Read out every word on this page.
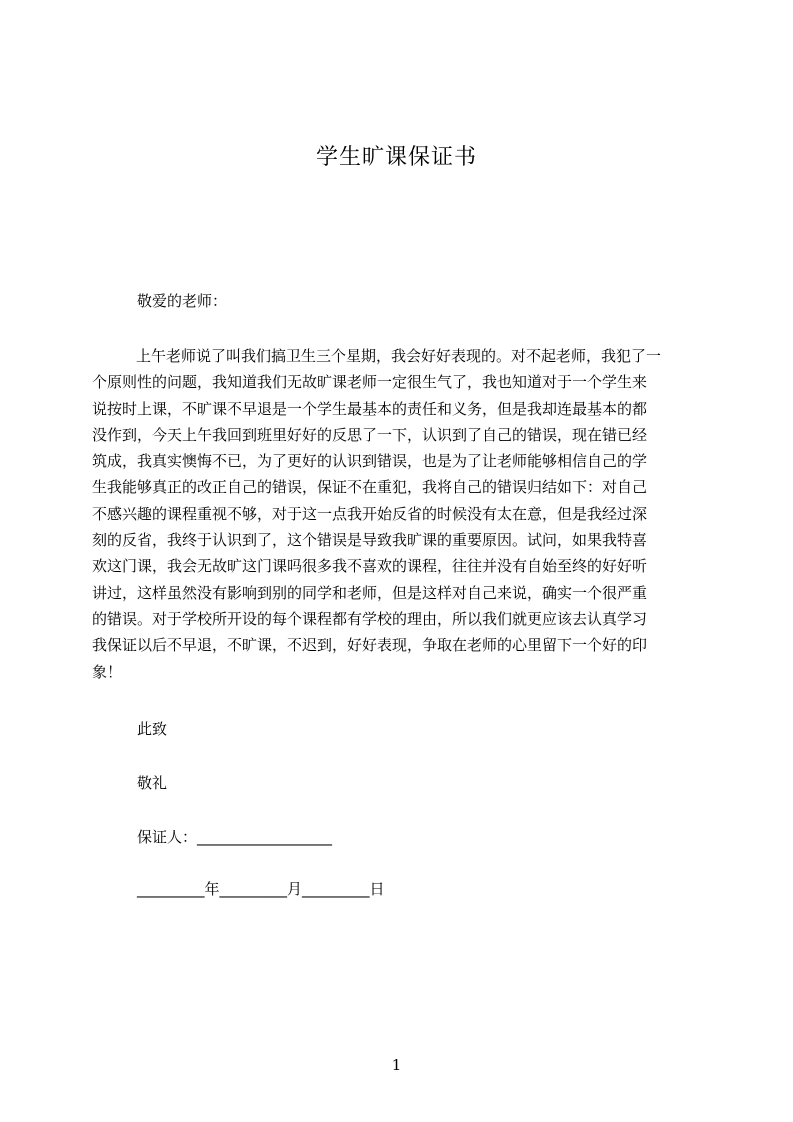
学生旷课保证书
敬爱的老师：
上午老师说了叫我们搞卫生三个星期，我会好好表现的。对不起老师，我犯了一
个原则性的问题，我知道我们无故旷课老师一定很生气了，我也知道对于一个学生来
说按时上课，不旷课不早退是一个学生最基本的责任和义务，但是我却连最基本的都
没作到，今天上午我回到班里好好的反思了一下，认识到了自己的错误，现在错已经
筑成，我真实懊悔不已，为了更好的认识到错误，也是为了让老师能够相信自己的学
生我能够真正的改正自己的错误，保证不在重犯，我将自己的错误归结如下：对自己
不感兴趣的课程重视不够，对于这一点我开始反省的时候没有太在意，但是我经过深
刻的反省，我终于认识到了，这个错误是导致我旷课的重要原因。试问，如果我特喜
欢这门课，我会无故旷这门课吗很多我不喜欢的课程，往往并没有自始至终的好好听
讲过，这样虽然没有影响到别的同学和老师，但是这样对自己来说，确实一个很严重
的错误。对于学校所开设的每个课程都有学校的理由，所以我们就更应该去认真学习
我保证以后不早退，不旷课，不迟到，好好表现，争取在老师的心里留下一个好的印
象！
此致
敬礼
保证人：__________________
_________年_________月_________日
1
